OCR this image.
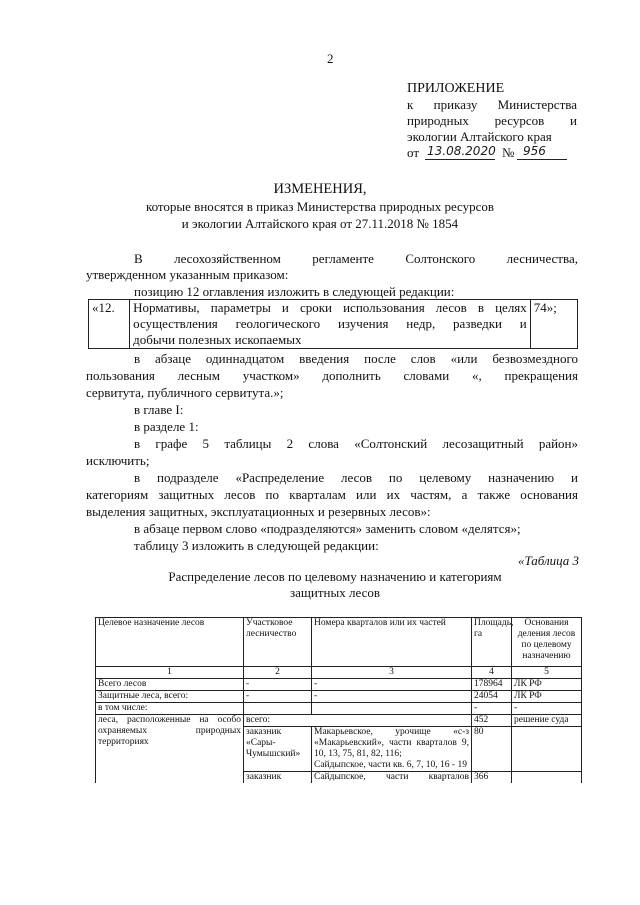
2
ПРИЛОЖЕНИЕ
к приказу Министерства
природных ресурсов и
экологии Алтайского края
от 13.08.2020 № 956
ИЗМЕНЕНИЯ,
которые вносятся в приказ Министерства природных ресурсов
и экологии Алтайского края от 27.11.2018 № 1854
В лесохозяйственном регламенте Солтонского лесничества,
утвержденном указанным приказом:
позицию 12 оглавления изложить в следующей редакции:
«12.	Нормативы, параметры и сроки использования лесов в целях
осуществления геологического изучения недр, разведки и
добычи полезных ископаемых
	74»;
в абзаце одиннадцатом введения после слов «или безвозмездного
пользования лесным участком» дополнить словами «, прекращения
сервитута, публичного сервитута.»;
в главе I:
в разделе 1:
в графе 5 таблицы 2 слова «Солтонский лесозащитный район»
исключить;
в подразделе «Распределение лесов по целевому назначению и
категориям защитных лесов по кварталам или их частям, а также основания
выделения защитных, эксплуатационных и резервных лесов»:
в абзаце первом слово «подразделяются» заменить словом «делятся»;
таблицу 3 изложить в следующей редакции:
«Таблица 3
Распределение лесов по целевому назначению и категориям
защитных лесов
Целевое назначение лесов	Участковое лесничество	Номера кварталов или их частей	Площадь, га	Основания деления лесов по целевому назначению
1	2	3	4	5
Всего лесов	-	-	178964	ЛК РФ
Защитные леса, всего:	-	-	24054	ЛК РФ
в том числе:			-	-
леса, расположенные на особо охраняемых природных территориях	всего:		452	решение суда
	заказник «Сары-Чумышский»	Макарьевское, урочище «с-з «Макарьевский», части кварталов 9, 10, 13, 75, 81, 82, 116;
Сайдыпское, части кв. 6, 7, 10, 16 - 19	80	
	заказник	Сайдыпское, части кварталов	366	
